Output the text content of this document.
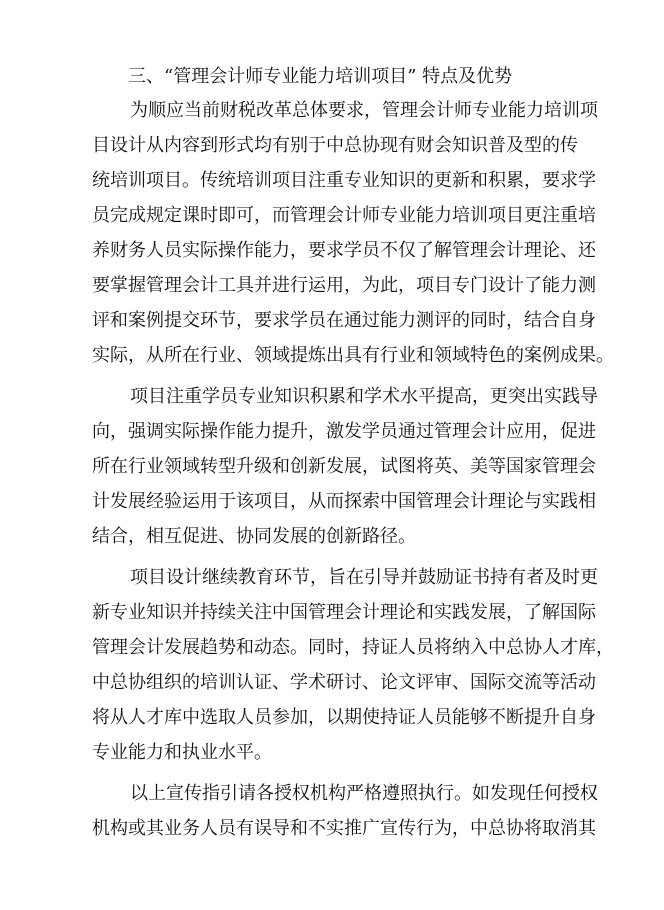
三、“管理会计师专业能力培训项目” 特点及优势
为顺应当前财税改革总体要求，管理会计师专业能力培训项
目设计从内容到形式均有别于中总协现有财会知识普及型的传
统培训项目。传统培训项目注重专业知识的更新和积累，要求学
员完成规定课时即可，而管理会计师专业能力培训项目更注重培
养财务人员实际操作能力，要求学员不仅了解管理会计理论、还
要掌握管理会计工具并进行运用，为此，项目专门设计了能力测
评和案例提交环节，要求学员在通过能力测评的同时，结合自身
实际，从所在行业、领域提炼出具有行业和领域特色的案例成果。
项目注重学员专业知识积累和学术水平提高，更突出实践导
向，强调实际操作能力提升，激发学员通过管理会计应用，促进
所在行业领域转型升级和创新发展，试图将英、美等国家管理会
计发展经验运用于该项目，从而探索中国管理会计理论与实践相
结合，相互促进、协同发展的创新路径。
项目设计继续教育环节，旨在引导并鼓励证书持有者及时更
新专业知识并持续关注中国管理会计理论和实践发展，了解国际
管理会计发展趋势和动态。同时，持证人员将纳入中总协人才库，
中总协组织的培训认证、学术研讨、论文评审、国际交流等活动
将从人才库中选取人员参加，以期使持证人员能够不断提升自身
专业能力和执业水平。
以上宣传指引请各授权机构严格遵照执行。如发现任何授权
机构或其业务人员有误导和不实推广宣传行为，中总协将取消其
